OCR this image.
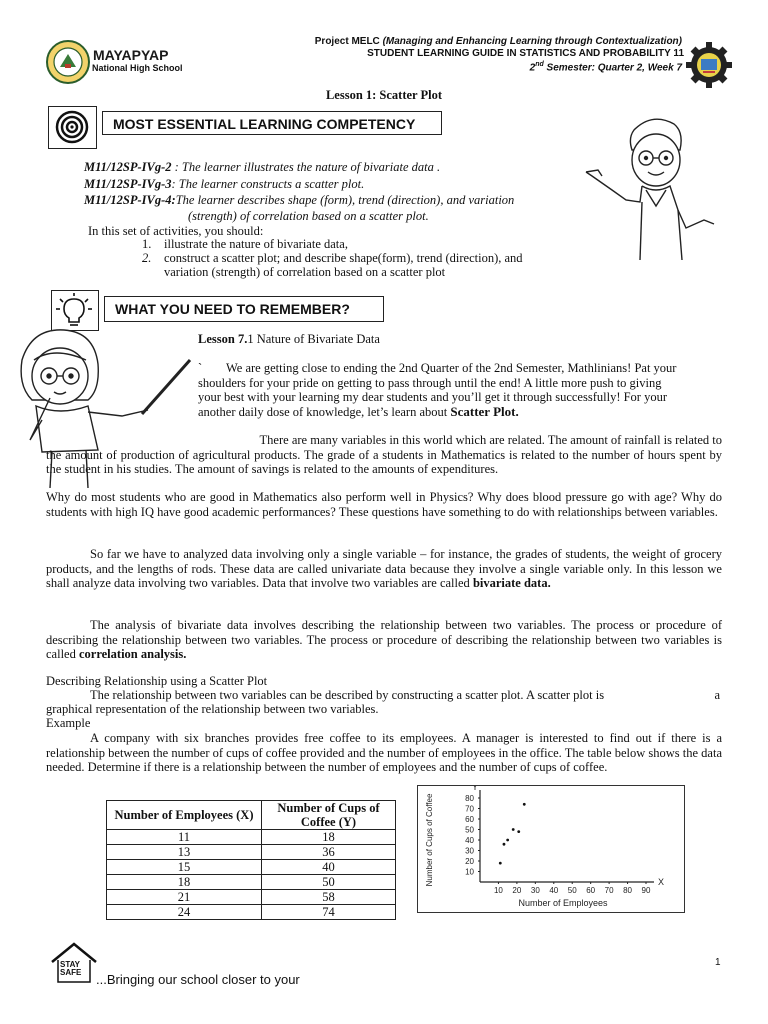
MAYAPYAP
National High School
Project MELC (Managing and Enhancing Learning through Contextualization)
STUDENT LEARNING GUIDE IN STATISTICS AND PROBABILITY 11
2nd Semester: Quarter 2, Week 7
Lesson 1: Scatter Plot
MOST ESSENTIAL LEARNING COMPETENCY
M11/12SP-IVg-2 : The learner illustrates the nature of bivariate data .
M11/12SP-IVg-3: The learner constructs a scatter plot.
M11/12SP-IVg-4:The learner describes shape (form), trend (direction), and variation
(strength) of correlation based on a scatter plot.
In this set of activities, you should:
1. illustrate the nature of bivariate data,
2. construct a scatter plot; and describe shape(form), trend (direction), and
variation (strength) of correlation based on a scatter plot
WHAT YOU NEED TO REMEMBER?
Lesson 7.1 Nature of Bivariate Data

` We are getting close to ending the 2nd Quarter of the 2nd Semester, Mathlinians! Pat your

shoulders for your pride on getting to pass through until the end! A little more push to giving

your best with your learning my dear students and you’ll get it through successfully! For your

another daily dose of knowledge, let’s learn about Scatter Plot.

There are many variables in this world which are related. The amount of rainfall is related to

the amount of production of agricultural products. The grade of a students in Mathematics is related to the number of hours spent by the student in his studies. The amount of savings is related to the amounts of expenditures.

Why do most students who are good in Mathematics also perform well in Physics? Why does blood pressure go with age? Why do students with high IQ have good academic performances? These questions have something to do with relationships between variables.
So far we have to analyzed data involving only a single variable – for instance, the grades of students, the weight of grocery products, and the lengths of rods. These data are called univariate data because they involve a single variable only. In this lesson we shall analyze data involving two variables. Data that involve two variables are called bivariate data.
The analysis of bivariate data involves describing the relationship between two variables. The process or procedure of describing the relationship between two variables. The process or procedure of describing the relationship between two variables is called correlation analysis.
Describing Relationship using a Scatter Plot
The relationship between two variables can be described by constructing a scatter plot. A scatter plot is	a
graphical representation of the relationship between two variables.
Example
A company with six branches provides free coffee to its employees. A manager is interested to find out if there is a relationship between the number of cups of coffee provided and the number of employees in the office. The table below shows the data needed. Determine if there is a relationship between the number of employees and the number of cups of coffee.
Number of Employees (X)	Number of Cups of Coffee (Y)
11	18
13	36
15	40
18	50
21	58
24	74
Y
X
Number of Employees
Number of Cups of Coffee
10 20 30 40 50 60 70 80 90
10
20
30
40
50
60
70
80
STAY
SAFE ...Bringing our school closer to your
1
